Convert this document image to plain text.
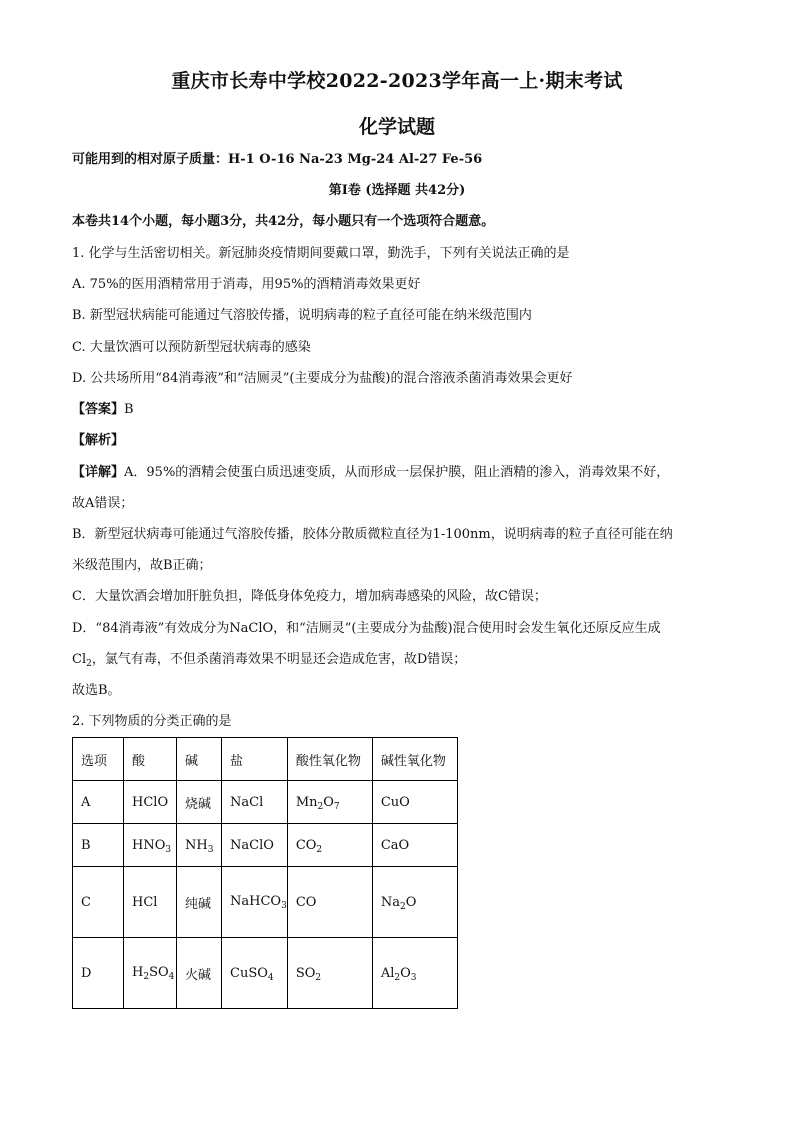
重庆市长寿中学校2022-2023学年高一上·期末考试
化学试题
可能用到的相对原子质量：H-1 O-16 Na-23 Mg-24 Al-27 Fe-56
第Ⅰ卷 (选择题 共42分)
本卷共14个小题，每小题3分，共42分，每小题只有一个选项符合题意。
1. 化学与生活密切相关。新冠肺炎疫情期间要戴口罩，勤洗手，下列有关说法正确的是
A. 75%的医用酒精常用于消毒，用95%的酒精消毒效果更好
B. 新型冠状病能可能通过气溶胶传播，说明病毒的粒子直径可能在纳米级范围内
C. 大量饮酒可以预防新型冠状病毒的感染
D. 公共场所用“84消毒液”和“洁厕灵”(主要成分为盐酸)的混合溶液杀菌消毒效果会更好
【答案】B
【解析】
【详解】A．95%的酒精会使蛋白质迅速变质，从而形成一层保护膜，阻止酒精的渗入，消毒效果不好，
故A错误；
B．新型冠状病毒可能通过气溶胶传播，胶体分散质微粒直径为1-100nm，说明病毒的粒子直径可能在纳
米级范围内，故B正确；
C．大量饮酒会增加肝脏负担，降低身体免疫力，增加病毒感染的风险，故C错误；
D．“84消毒液”有效成分为NaClO，和“洁厕灵”(主要成分为盐酸)混合使用时会发生氧化还原反应生成
$Cl_2$，氯气有毒，不但杀菌消毒效果不明显还会造成危害，故D错误；
故选B。
2. 下列物质的分类正确的是
选项	酸	碱	盐	酸性氧化物	碱性氧化物
A	HClO	烧碱	NaCl	$Mn_2O_7$	CuO
B	$HNO_3$	$NH_3$	NaClO	$CO_2$	CaO
C	HCl	纯碱	NaHCO$_3$	CO	$Na_2O$
D	$H_2SO_4$	火碱	CuSO$_4$	$SO_2$	$Al_2O_3$
